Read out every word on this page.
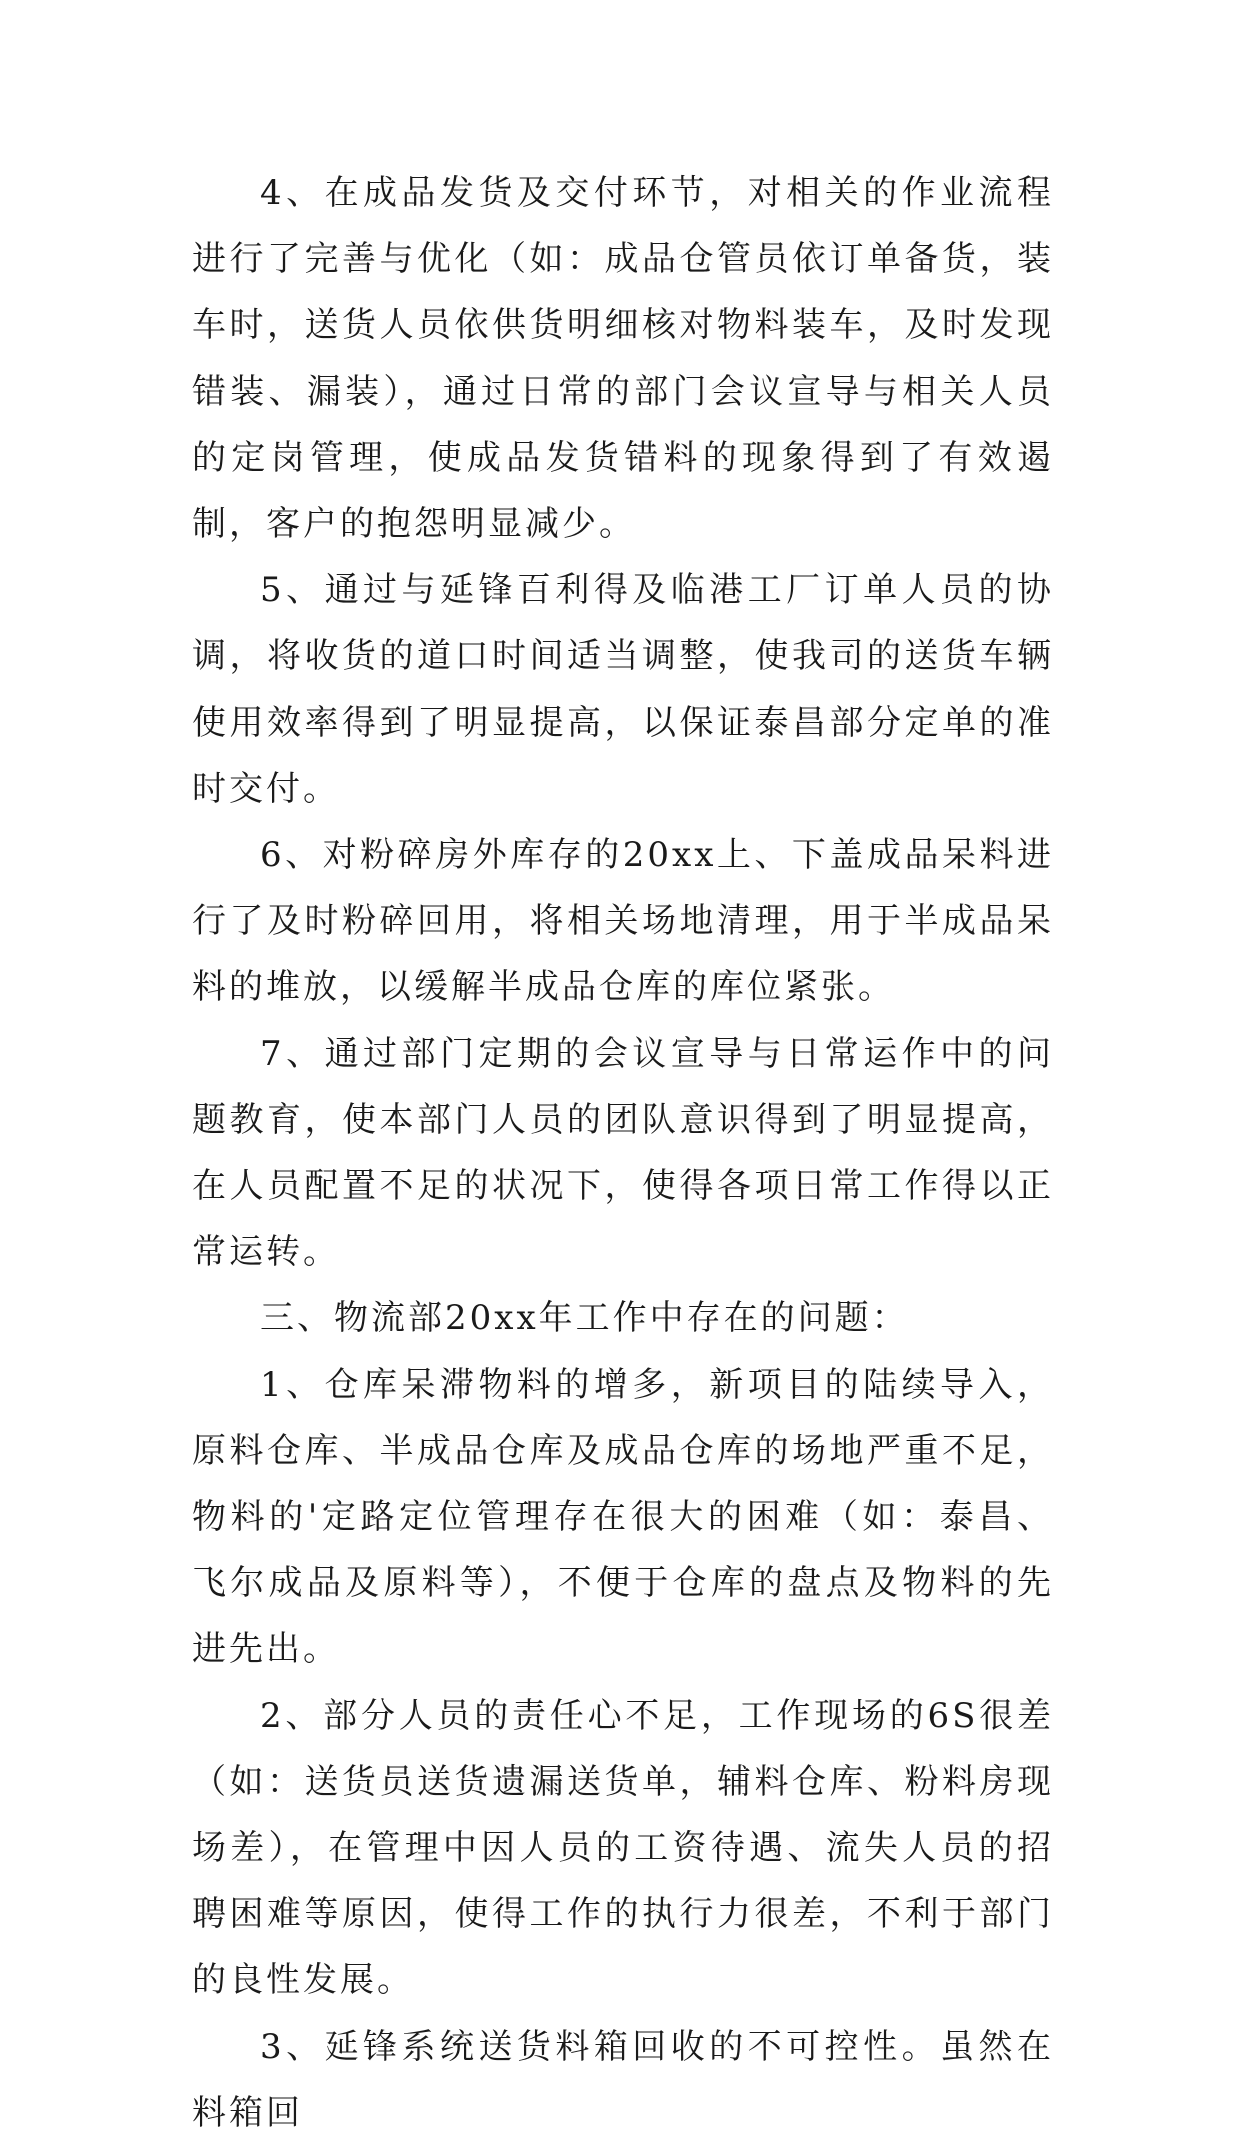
4、在成品发货及交付环节，对相关的作业流程进行了完善与优化（如：成品仓管员依订单备货，装车时，送货人员依供货明细核对物料装车，及时发现错装、漏装），通过日常的部门会议宣导与相关人员的定岗管理，使成品发货错料的现象得到了有效遏制，客户的抱怨明显减少。

5、通过与延锋百利得及临港工厂订单人员的协调，将收货的道口时间适当调整，使我司的送货车辆使用效率得到了明显提高，以保证泰昌部分定单的准时交付。

6、对粉碎房外库存的20xx上、下盖成品呆料进行了及时粉碎回用，将相关场地清理，用于半成品呆料的堆放，以缓解半成品仓库的库位紧张。

7、通过部门定期的会议宣导与日常运作中的问题教育，使本部门人员的团队意识得到了明显提高，在人员配置不足的状况下，使得各项日常工作得以正常运转。

三、物流部20xx年工作中存在的问题：

1、仓库呆滞物料的增多，新项目的陆续导入，原料仓库、半成品仓库及成品仓库的场地严重不足，物料的'定路定位管理存在很大的困难（如：泰昌、飞尔成品及原料等），不便于仓库的盘点及物料的先进先出。

2、部分人员的责任心不足，工作现场的6S很差（如：送货员送货遗漏送货单，辅料仓库、粉料房现场差），在管理中因人员的工资待遇、流失人员的招聘困难等原因，使得工作的执行力很差，不利于部门的良性发展。

3、延锋系统送货料箱回收的不可控性。虽然在料箱回
